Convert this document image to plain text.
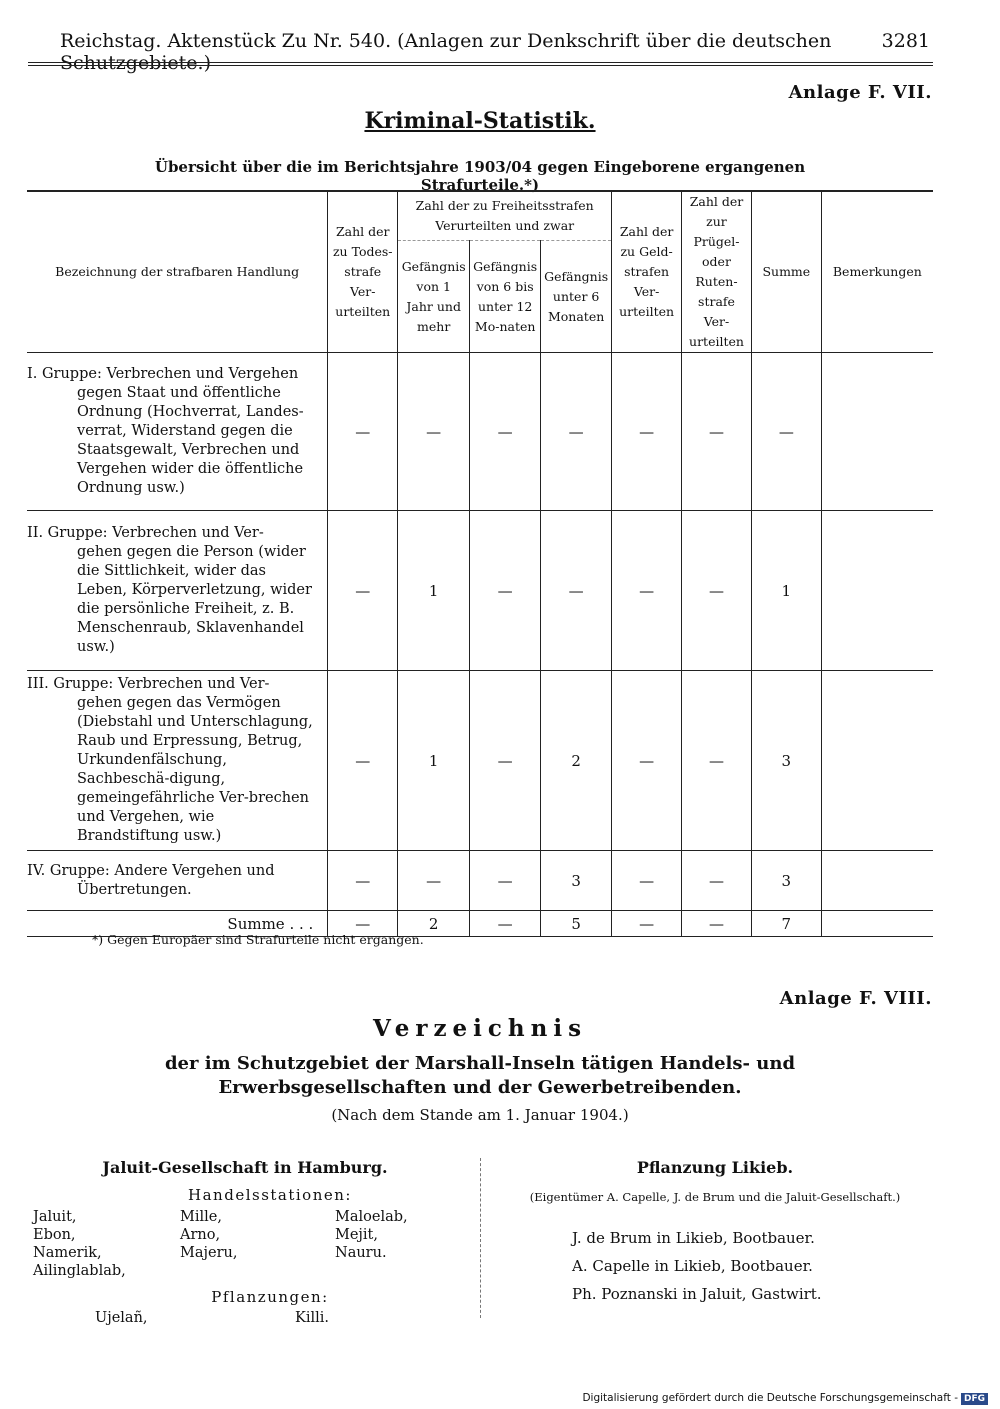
Reichstag. Aktenstück Zu Nr. 540. (Anlagen zur Denkschrift über die deutschen Schutzgebiete.)
3281
Anlage F. VII.
Kriminal-Statistik.
Übersicht über die im Berichtsjahre 1903/04 gegen Eingeborene ergangenen Strafurteile.*)
Bezeichnung der strafbaren Handlung	Zahl der zu Todes-strafe Ver-urteilten	Zahl der zu Freiheitsstrafen Verurteilten und zwar			Zahl der zu Geld-strafen Ver-urteilten	Zahl der zur Prügel- oder Ruten-strafe Ver-urteilten	Summe	Bemerkungen
		Gefängnis von 1 Jahr und mehr	Gefängnis von 6 bis unter 12 Mo-naten	Gefängnis unter 6 Monaten				
I. Gruppe: Verbrechen und Vergehen
gegen Staat und öffentliche Ordnung (Hochverrat, Landes-verrat, Widerstand gegen die Staatsgewalt, Verbrechen und Vergehen wider die öffentliche Ordnung usw.)	—	—	—	—	—	—	—	
II. Gruppe: Verbrechen und Ver-
gehen gegen die Person (wider die Sittlichkeit, wider das Leben, Körperverletzung, wider die persönliche Freiheit, z. B. Menschenraub, Sklavenhandel usw.)	—	1	—	—	—	—	1	
III. Gruppe: Verbrechen und Ver-
gehen gegen das Vermögen (Diebstahl und Unterschlagung, Raub und Erpressung, Betrug, Urkundenfälschung, Sachbeschä-digung, gemeingefährliche Ver-brechen und Vergehen, wie Brandstiftung usw.)	—	1	—	2	—	—	3	
IV. Gruppe: Andere Vergehen und
Übertretungen.	—	—	—	3	—	—	3	
Summe . . .	—	2	—	5	—	—	7	
*) Gegen Europäer sind Strafurteile nicht ergangen.
Anlage F. VIII.
Verzeichnis
der im Schutzgebiet der Marshall-Inseln tätigen Handels- und Erwerbsgesellschaften und der Gewerbetreibenden.
(Nach dem Stande am 1. Januar 1904.)
Jaluit-Gesellschaft in Hamburg.
Handelsstationen:
Jaluit,
Ebon,
Namerik,
Ailinglablab,
Mille,
Arno,
Majeru,
Maloelab,
Mejit,
Nauru.
Pflanzungen:
Ujelañ,	Killi.
Pflanzung Likieb.
(Eigentümer A. Capelle, J. de Brum und die Jaluit-Gesellschaft.)
J. de Brum in Likieb, Bootbauer.
A. Capelle in Likieb, Bootbauer.
Ph. Poznanski in Jaluit, Gastwirt.
Digitalisierung gefördert durch die Deutsche Forschungsgemeinschaft - DFG
